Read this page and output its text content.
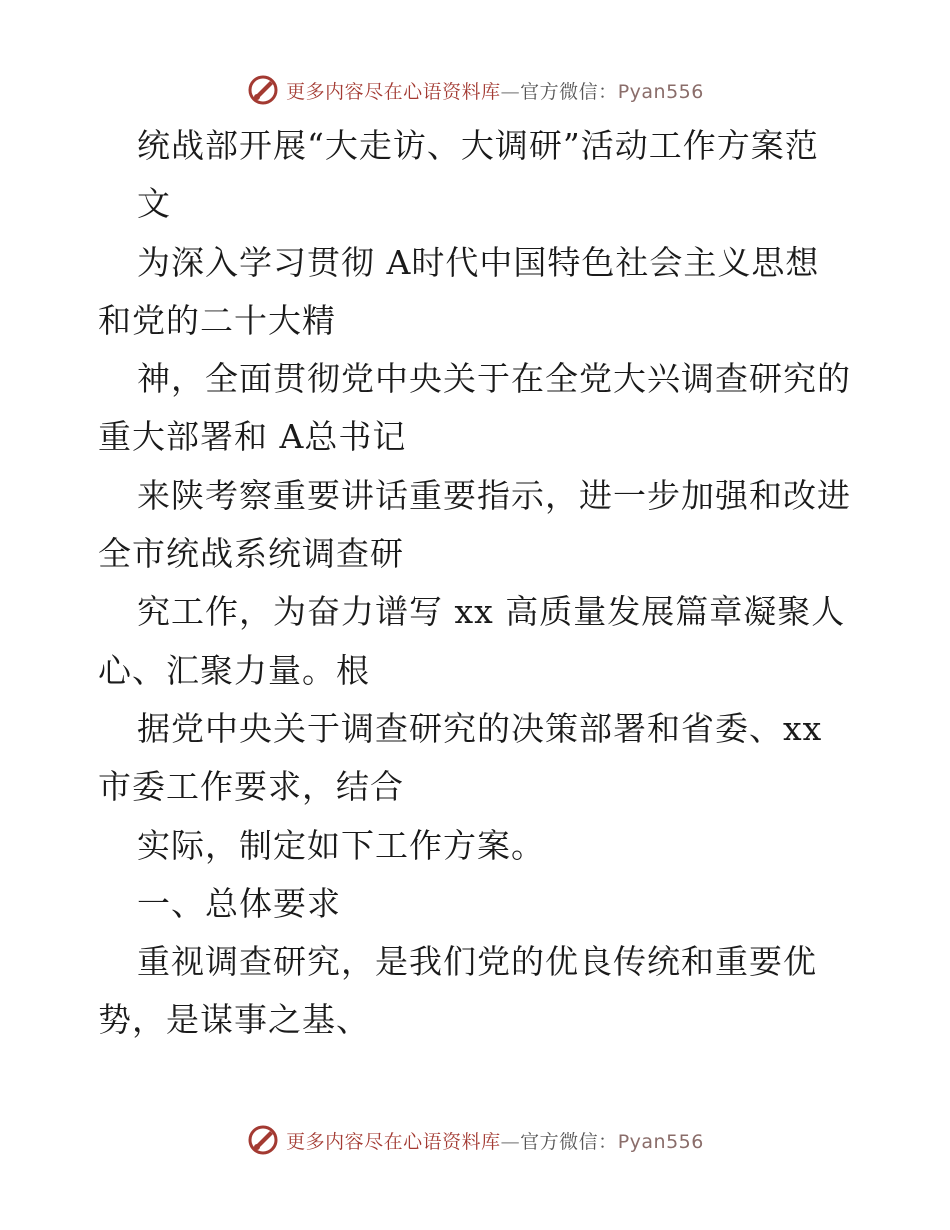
更多内容尽在心语资料库—官方微信：Pyan556
统战部开展“大走访、大调研”活动工作方案范
文
为深入学习贯彻 A时代中国特色社会主义思想
和党的二十大精
神，全面贯彻党中央关于在全党大兴调查研究的
重大部署和 A总书记
来陕考察重要讲话重要指示，进一步加强和改进
全市统战系统调查研
究工作，为奋力谱写 xx 高质量发展篇章凝聚人
心、汇聚力量。根
据党中央关于调查研究的决策部署和省委、xx
市委工作要求，结合
实际，制定如下工作方案。
一、总体要求
重视调查研究，是我们党的优良传统和重要优
势，是谋事之基、
更多内容尽在心语资料库—官方微信：Pyan556
